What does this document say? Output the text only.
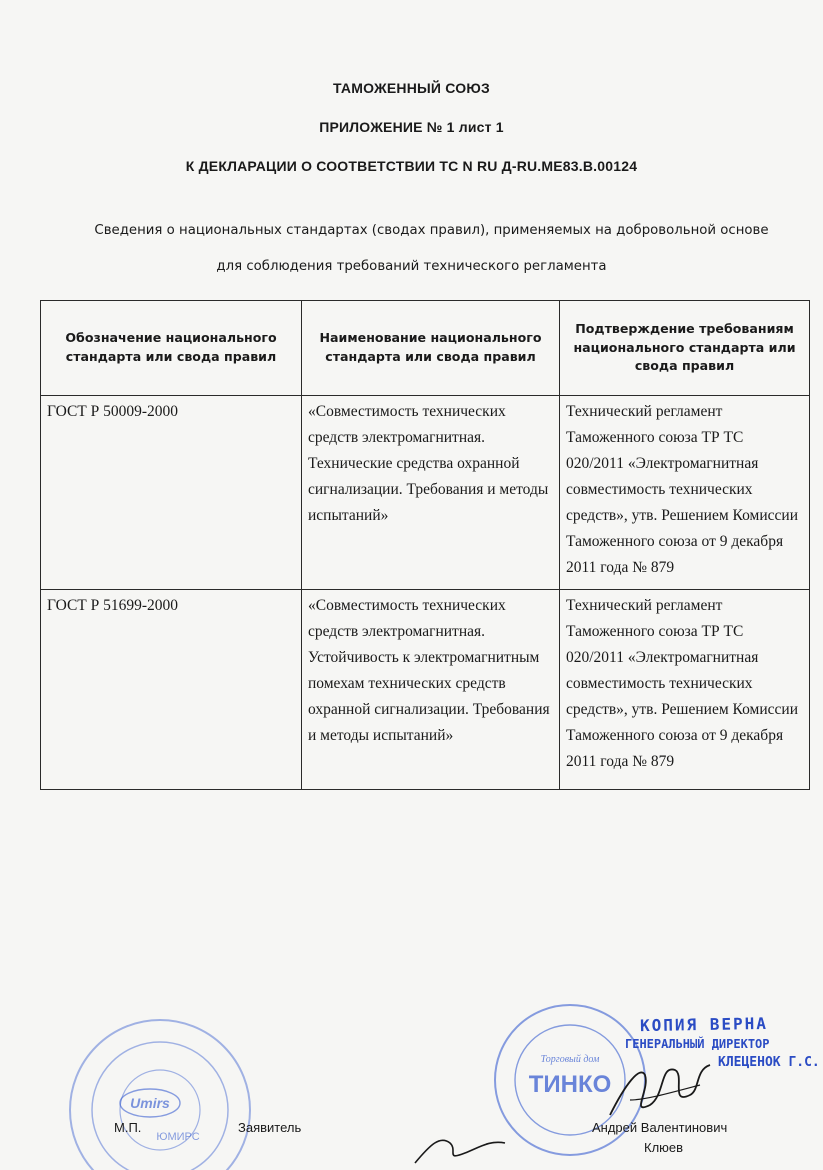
ТАМОЖЕННЫЙ СОЮЗ
ПРИЛОЖЕНИЕ № 1 лист 1
К ДЕКЛАРАЦИИ О СООТВЕТСТВИИ ТС N RU Д-RU.МЕ83.В.00124
Сведения о национальных стандартах (сводах правил), применяемых на добровольной основе
для соблюдения требований технического регламента
Обозначение национального стандарта или свода правил	Наименование национального стандарта или свода правил	Подтверждение требованиям национального стандарта или свода правил

ГОСТ Р 50009-2000	«Совместимость технических средств электромагнитная. Технические средства охранной сигнализации. Требования и методы испытаний»	Технический регламент Таможенного союза ТР ТС 020/2011 «Электромагнитная совместимость технических средств», утв. Решением Комиссии Таможенного союза от 9 декабря 2011 года № 879

ГОСТ Р 51699-2000	«Совместимость технических средств электромагнитная. Устойчивость к электромагнитным помехам технических средств охранной сигнализации. Требования и методы испытаний»	Технический регламент Таможенного союза ТР ТС 020/2011 «Электромагнитная совместимость технических средств», утв. Решением Комиссии Таможенного союза от 9 декабря 2011 года № 879
Umirs
ЮМИРС
Торговый дом
ТИНКО
КОПИЯ ВЕРНА
ГЕНЕРАЛЬНЫЙ ДИРЕКТОР
КЛЕЦЕНОК Г.С.
М.П.	Заявитель	Андрей Валентинович
Клюев
